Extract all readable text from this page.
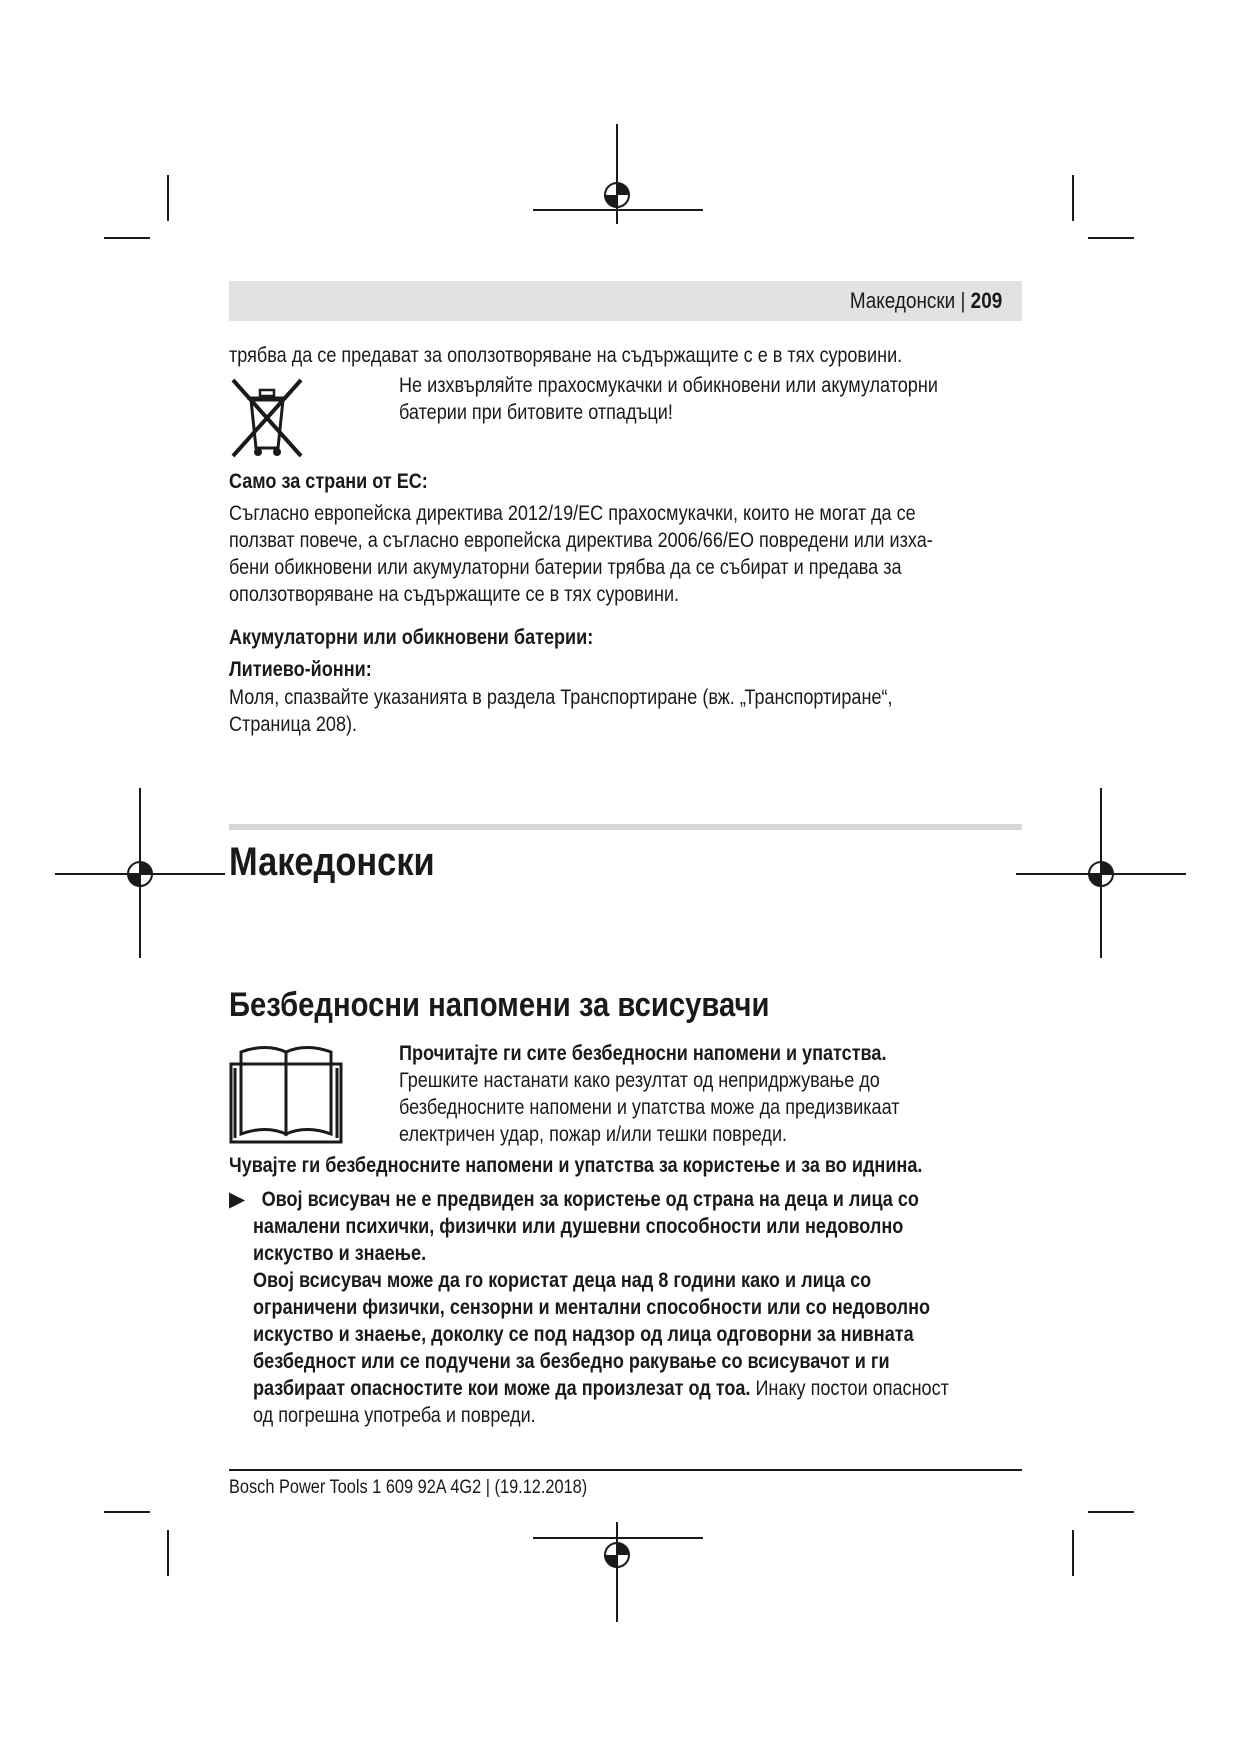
Македонски | 209
трябва да се предават за оползотворяване на съдържащите с е в тях суровини.
Не изхвърляйте прахосмукачки и обикновени или акумулаторни
батерии при битовите отпадъци!
Само за страни от ЕС:
Съгласно европейска директива 2012/19/ЕС прахосмукачки, които не могат да се
ползват повече, а съгласно европейска директива 2006/66/ЕО повредени или изха-
бени обикновени или акумулаторни батерии трябва да се събират и предава за
оползотворяване на съдържащите се в тях суровини.
Акумулаторни или обикновени батерии:
Литиево-йонни:
Моля, спазвайте указанията в раздела Транспортиране (вж. „Транспортиране“,
Страница 208).
Македонски
Безбедносни напомени за всисувачи
Прочитајте ги сите безбедносни напомени и упатства.
Грешките настанати како резултат од непридржување до
безбедносните напомени и упатства може да предизвикаат
електричен удар, пожар и/или тешки повреди.
Чувајте ги безбедносните напомени и упатства за користење и за во иднина.
▶ Овој всисувач не е предвиден за користење од страна на деца и лица со
намалени психички, физички или душевни способности или недоволно
искуство и знаење.
Овој всисувач може да го користат деца над 8 години како и лица со
ограничени физички, сензорни и ментални способности или со недоволно
искуство и знаење, доколку се под надзор од лица одговорни за нивната
безбедност или се подучени за безбедно ракување со всисувачот и ги
разбираат опасностите кои може да произлезат од тоа. Инаку постои опасност
од погрешна употреба и повреди.
Bosch Power Tools 1 609 92A 4G2 | (19.12.2018)
